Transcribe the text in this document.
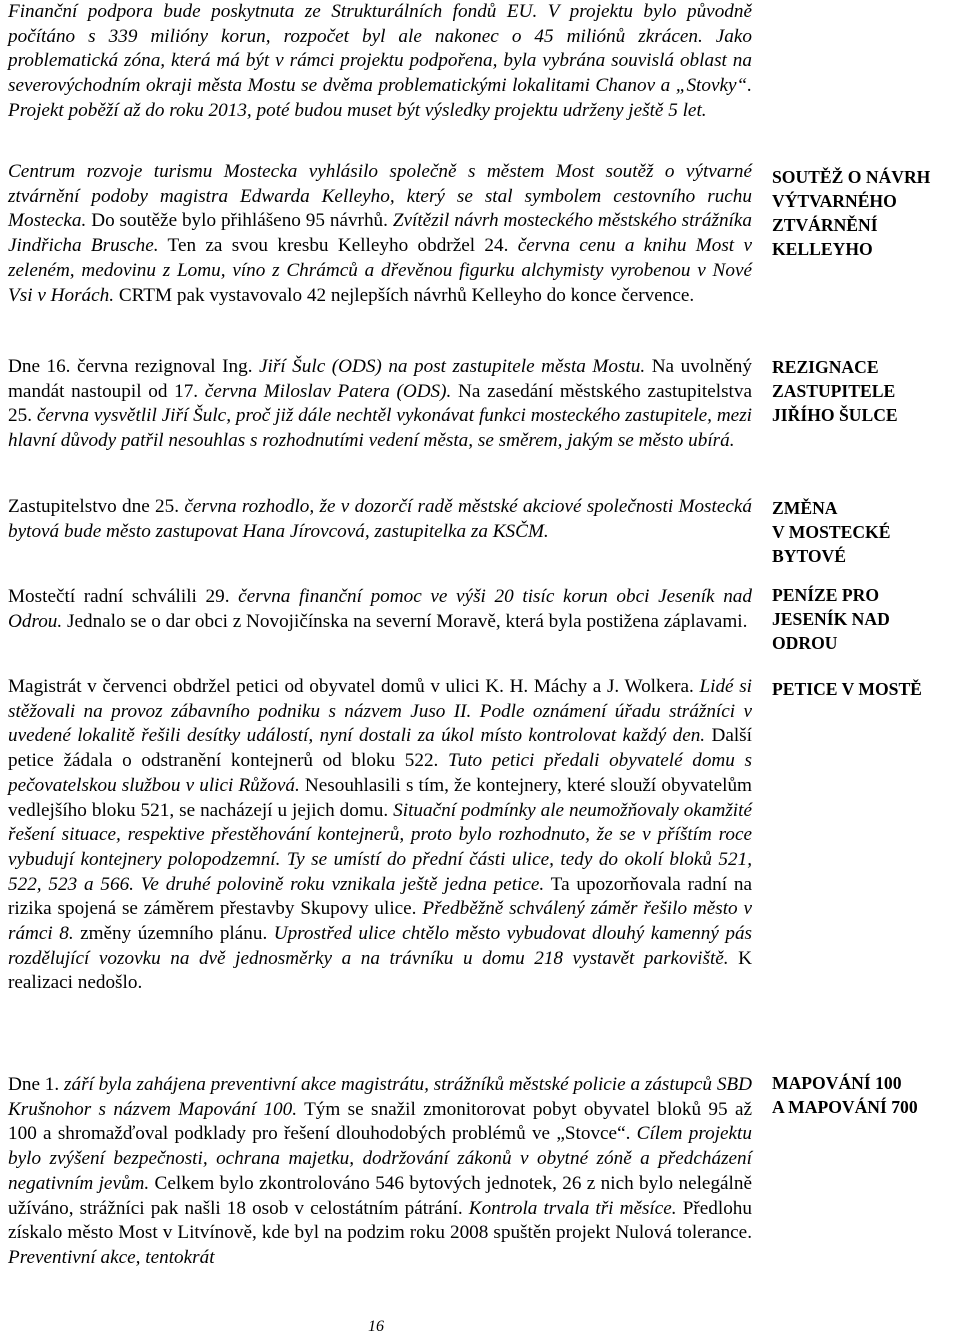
Finanční podpora bude poskytnuta ze Strukturálních fondů EU. V projektu bylo původně počítáno s 339 milióny korun, rozpočet byl ale nakonec o 45 miliónů zkrácen. Jako problematická zóna, která má být v rámci projektu podpořena, byla vybrána souvislá oblast na severovýchodním okraji města Mostu se dvěma problematickými lokalitami Chanov a „Stovky“. Projekt poběží až do roku 2013, poté budou muset být výsledky projektu udrženy ještě 5 let.

Centrum rozvoje turismu Mostecka vyhlásilo společně s městem Most soutěž o výtvarné ztvárnění podoby magistra Edwarda Kelleyho, který se stal symbolem cestovního ruchu Mostecka. Do soutěže bylo přihlášeno 95 návrhů. Zvítězil návrh mosteckého městského strážníka Jindřicha Brusche. Ten za svou kresbu Kelleyho obdržel 24. června cenu a knihu Most v zeleném, medovinu z Lomu, víno z Chrámců a dřevěnou figurku alchymisty vyrobenou v Nové Vsi v Horách. CRTM pak vystavovalo 42 nejlepších návrhů Kelleyho do konce července.

Dne 16. června rezignoval Ing. Jiří Šulc (ODS) na post zastupitele města Mostu. Na uvolněný mandát nastoupil od 17. června Miloslav Patera (ODS). Na zasedání městského zastupitelstva 25. června vysvětlil Jiří Šulc, proč již dále nechtěl vykonávat funkci mosteckého zastupitele, mezi hlavní důvody patřil nesouhlas s rozhodnutími vedení města, se směrem, jakým se město ubírá.

Zastupitelstvo dne 25. června rozhodlo, že v dozorčí radě městské akciové společnosti Mostecká bytová bude město zastupovat Hana Jírovcová, zastupitelka za KSČM.

Mostečtí radní schválili 29. června finanční pomoc ve výši 20 tisíc korun obci Jeseník nad Odrou. Jednalo se o dar obci z Novojičínska na severní Moravě, která byla postižena záplavami.

Magistrát v červenci obdržel petici od obyvatel domů v ulici K. H. Máchy a J. Wolkera. Lidé si stěžovali na provoz zábavního podniku s názvem Juso II. Podle oznámení úřadu strážníci v uvedené lokalitě řešili desítky událostí, nyní dostali za úkol místo kontrolovat každý den. Další petice žádala o odstranění kontejnerů od bloku 522. Tuto petici předali obyvatelé domu s pečovatelskou službou v ulici Růžová. Nesouhlasili s tím, že kontejnery, které slouží obyvatelům vedlejšího bloku 521, se nacházejí u jejich domu. Situační podmínky ale neumožňovaly okamžité řešení situace, respektive přestěhování kontejnerů, proto bylo rozhodnuto, že se v příštím roce vybudují kontejnery polopodzemní. Ty se umístí do přední části ulice, tedy do okolí bloků 521, 522, 523 a 566. Ve druhé polovině roku vznikala ještě jedna petice. Ta upozorňovala radní na rizika spojená se záměrem přestavby Skupovy ulice. Předběžně schválený záměr řešilo město v rámci 8. změny územního plánu. Uprostřed ulice chtělo město vybudovat dlouhý kamenný pás rozdělující vozovku na dvě jednosměrky a na trávníku u domu 218 vystavět parkoviště. K realizaci nedošlo.

Dne 1. září byla zahájena preventivní akce magistrátu, strážníků městské policie a zástupců SBD Krušnohor s názvem Mapování 100. Tým se snažil zmonitorovat pobyt obyvatel bloků 95 až 100 a shromažďoval podklady pro řešení dlouhodobých problémů ve „Stovce“. Cílem projektu bylo zvýšení bezpečnosti, ochrana majetku, dodržování zákonů v obytné zóně a předcházení negativním jevům. Celkem bylo zkontrolováno 546 bytových jednotek, 26 z nich bylo nelegálně užíváno, strážníci pak našli 18 osob v celostátním pátrání. Kontrola trvala tři měsíce. Předlohu získalo město Most v Litvínově, kde byl na podzim roku 2008 spuštěn projekt Nulová tolerance. Preventivní akce, tentokrát

SOUTĚŽ O NÁVRH
VÝTVARNÉHO
ZTVÁRNĚNÍ
KELLEYHO

REZIGNACE
ZASTUPITELE
JIŘÍHO ŠULCE

ZMĚNA
V MOSTECKÉ
BYTOVÉ

PENÍZE PRO
JESENÍK NAD
ODROU

PETICE V MOSTĚ

MAPOVÁNÍ 100
A MAPOVÁNÍ 700

16
